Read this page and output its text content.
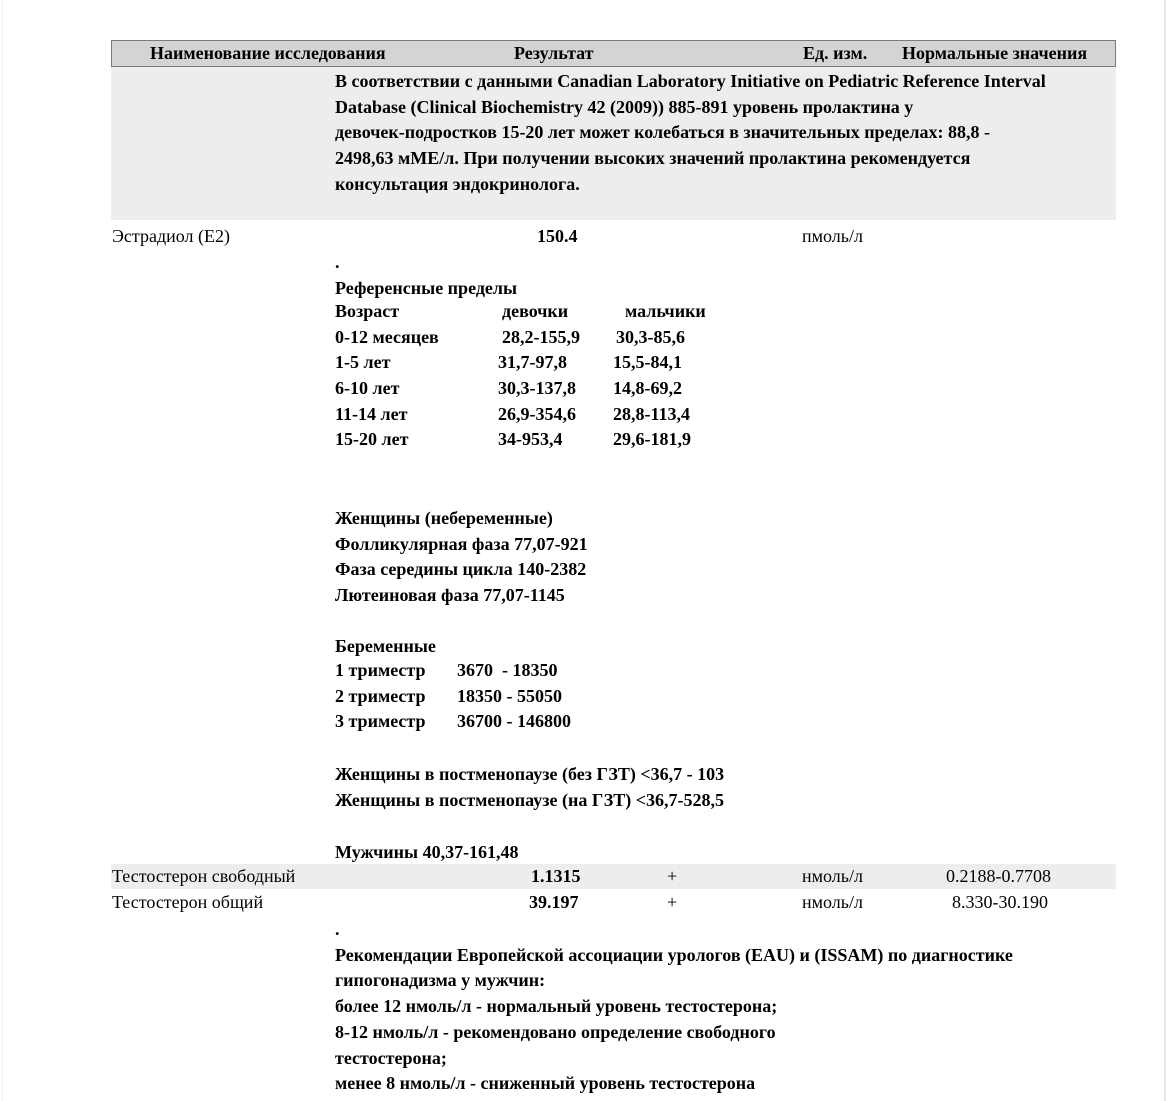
Наименование исследования	Результат	Ед. изм. Нормальные значения
В соответствии с данными Canadian Laboratory Initiative on Pediatric Reference Interval
Database (Clinical Biochemistry 42 (2009)) 885-891 уровень пролактина у
девочек-подростков 15-20 лет может колебаться в значительных пределах: 88,8 -
2498,63 мМЕ/л. При получении высоких значений пролактина рекомендуется
консультация эндокринолога.
Эстрадиол (E2)	150.4	пмоль/л
.
Референсные пределы
Возраст	девочки	мальчики
0-12 месяцев	28,2-155,9 30,3-85,6
1-5 лет	31,7-97,8	15,5-84,1
6-10 лет	30,3-137,8 14,8-69,2
11-14 лет	26,9-354,6 28,8-113,4
15-20 лет	34-953,4	29,6-181,9
Женщины (небеременные)
Фолликулярная фаза 77,07-921
Фаза середины цикла 140-2382
Лютеиновая фаза 77,07-1145
Беременные
1 триместр 3670  - 18350
2 триместр 18350 - 55050
3 триместр 36700 - 146800
Женщины в постменопаузе (без ГЗТ) <36,7 - 103
Женщины в постменопаузе (на ГЗТ) <36,7-528,5
Мужчины 40,37-161,48
Тестостерон свободный	1.1315	+	нмоль/л	0.2188-0.7708
Тестостерон общий	39.197	+	нмоль/л	8.330-30.190
.
Рекомендации Европейской ассоциации урологов (EAU) и (ISSAM) по диагностике
гипогонадизма у мужчин:
более 12 нмоль/л - нормальный уровень тестостерона;
8-12 нмоль/л - рекомендовано определение свободного
тестостерона;
менее 8 нмоль/л - сниженный уровень тестостерона
